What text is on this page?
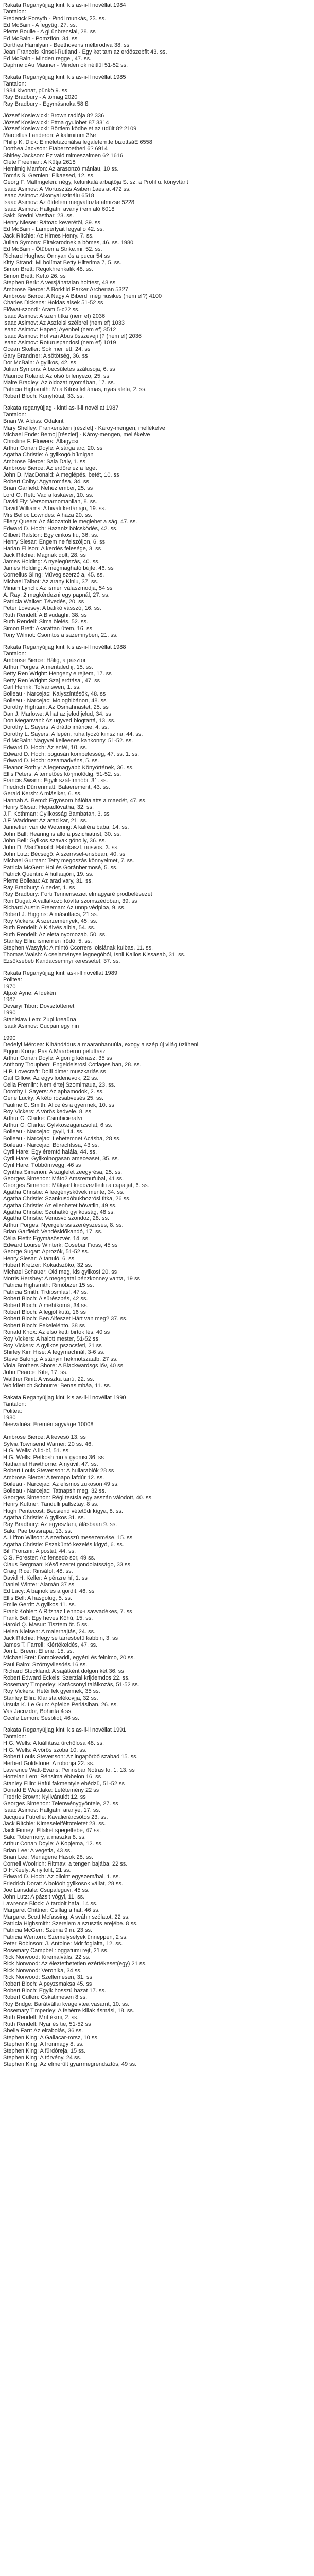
Rakata Reganyújjag kinti kis as-ii-ll novéllat 1984
Tantalon:
Frederick Forsyth - Pindl munkás, 23. ss.
Ed McBain - A fegyüg, 27. ss.
Pierre Boulle - A gi ünbrenslai, 28. ss
Ed McBain - Pomzflön, 34. ss
Dorthea Hamilyan - Beethovens mélbrodiva 38. ss
Jean Francois Kinsel-Rutland - Egy ket tam az erdöszebfit 43. ss.
Ed McBain - Minden reggel, 47. ss.
Daphne dAu Maurier - Minden ok néitlül 51-52 ss.
Rakata Reganyújjag kinti kis as-ii-ll novéllat 1985
Tantalon:
1984 kivonat, pünkö 9. ss
Ray Bradbury - A tömag 2020
Ray Bradbury - Egymásnoka 58 ß
József Koslewicki: Brown radiója 8? 336
József Koslewicki: Ettna gyulöbet 87 3314
József Koslewicki: Börtlem ködhelet az üdült 8? 2109
Marcellus Landeron: A kalimitum 3ße
Philip K. Dick: Elméletazonálsa legaletem.le bizottsáE 6558
Dorthea Jackson: Etaberzoetheri 6? 6914
Shirley Jackson: Ez való mimeszalmen 6? 1616
Clete Freeman: A Kütja 2618
Hemimig Manfon: Az arasonzó mániau, 10 ss.
Tomás S. Gernlen: Elkaesed, 12. ss.
Georg F. Maffmgelen: négy, kelunkalá arbajtőja S. sz. a Profil u. könyvtárit
Isaac Asimov: A Mortusztás Asiben 1aes at 472 ss.
Isaac Asimov: Alkonyal szinálu 6518
Isaac Asimov: Az öldelem megváltoztatalmizse 5228
Isaac Asimov: Hallgatni avany írem aló 6018
Saki: Sredni Vasthar, 23. ss.
Henry Nieser: Rátoad keverétöl, 39. ss
Ed McBain - Lampérlyait fegyalló 42. ss.
Jack Ritchie: Az Himes Henry. 7. ss.
Julian Symons: Eltakarodnek a bömes, 46. ss. 1980
Ed McBain - Őtüben a Strike.mi, 52. ss.
Richard Hughes: Onnyan ös a pucur 54 ss
Kitty Strand: Mi bolímat Betty Hilterima 7, 5. ss.
Simon Brett: Regokhrenkalik 48. ss.
Simon Brett: Kettó 26. ss
Stephen Berk: A versjähatalan holttest, 48 ss
Ambrose Bierce: A Borkfild Parker Archerián 5327
Ambrose Bierce: A Nagy A Biberdl még husikes (nem ef?) 4100
Charles Dickens: Holdas alsek 51-52 ss
Előwat-szondi: Áram 5-c22 ss.
Isaac Asimov: A szeri titka (nem ef) 2036
Isaac Asimov: Az Aszfelsi szélbrel (nem ef) 1033
Isaac Asimov: Hapeoj Ayenbel (nem ef) 3512
Isaac Asimov: Hol van Abus összevejí (? (nem ef) 2036
Isaac Asimov: Roturuspandosi (nem ef) 1019
Ocean Skeller: Sok mer lett, 24. ss
Gary Brandner: A sötötség, 36. ss
Dor McBain: A gyilkos, 42. ss
Julian Symons: A becsületes szálusoja, 6. ss
Maurice Roland: Az olsó billenyező, 25. ss
Maire Bradley: Az öldozat nyomában, 17. ss.
Patricia Highsmith: Mi a Kitosi feltámas, nyas aleta, 2. ss.
Robert Bloch: Kunyhótal, 33. ss.
Rakata reganyújjag - kinti as-ii-ll novéllat 1987
Tantalon:
Brian W. Aldiss: Odakint
Mary Shelley: Frankenstein [részlet] - Károy-mengen, mellékelve
Michael Ende: Bemoj [részlet] - Károy-mengen, mellékelve
Christine F. Flowers: Állagycsi
Arthur Conan Doyle: A sárga arc, 20. ss
Agatha Christie: A gyilkogó bíknigan
Ambrose Bierce: Sala Daly, 1. ss.
Ambrose Bierce: Az erdőre ez a leget
John D. MacDonald: A meglépés. betét, 10. ss
Robert Colby: Agyaromása, 34. ss
Brian Garfield: Nehéz ember, 25. ss
Lord O. Rett: Vad a kiskáver, 10. ss.
David Ely: Versomarnomanilan, 8. ss.
David Williams: A hivati kertáriájo, 19. ss.
Mrs Belloc Lowndes: A háza 20. ss.
Ellery Queen: Az áldozatolt le meglehet a ság, 47. ss.
Edward D. Hoch: Hazaniz bölcsködés, 42. ss.
Gilbert Ralston: Egy cinkos fiú, 36. ss.
Henry Slesar: Engem ne felszóljon, 6. ss
Harlan Ellison: A kerdés felesége, 3. ss
Jack Ritchie: Magnak dolt, 28. ss
James Holding: A nyelegúszás, 40. ss.
James Holding: A megmagható bújte, 46. ss
Cornelius Sling: Műveg szerzó a, 45. ss.
Michael Talbot: Az arany Kinlu, 37. ss.
Miriam Lynch: Az ismeri válaszmodja, 54 ss
A. Ray: 2 megkérdezni egy papnál, 27. ss.
Patricia Walker: Tévedés, 20. ss
Peter Lovesey: A bafikó vásszó, 16. ss.
Ruth Rendell: A Bivudaghi, 38. ss
Ruth Rendell: Sima ölelés, 52. ss.
Simon Brett: Akarattan ütem, 16. ss
Tony Wilmot: Csomtos a sazemnyben, 21. ss.
Rakata Reganyújjag kinti kis as-ii-ll novéllat 1988
Tantalon:
Ambrose Bierce: Hálig, a pásztor
Arthur Porges: A mentaled ij, 15. ss.
Betty Ren Wright: Hengeny elrejtem, 17. ss
Betty Ren Wright: Szaj erótásai, 47. ss
Carl Henrik: Tolvanswen, 1. ss.
Boileau - Narcejac: Kalyszíntésök, 48. ss
Boileau - Narcejac: Mologhibánon, 48. ss
Dorothy Hightam: Az Osmahnastet, 25. ss
Dan J. Marlowe: A hat az jelod jelud, 34. ss
Don Meganvani: Az ügyved blogtartá, 13. ss.
Dorothy L. Sayers: A dráttó imáhoie, 4. ss.
Dorothy L. Sayers: A lepén, ruha lyozó kiinsz na, 44. ss.
Ed McBain: Nagyvei kelleenes kankonny, 51-52. ss.
Edward D. Hoch: Az éntél, 10. ss.
Edward D. Hoch: pogusán kompelesség, 47. ss. 1. ss.
Edward D. Hoch: ozsamadvéns, 5. ss.
Eleanor Rothly: A legenagyabb Könyörtének, 36. ss.
Ellis Peters: A temetőés körjmölödig, 51-52. ss.
Francis Swann: Egyik szál-Imnóbi, 31. ss.
Friedrich Dürrenmatt: Balaerement, 43. ss.
Gerald Kersh: A miásiker, 6. ss.
Hannah A. Bemd: Egyösorn hálóltalatts a maedét, 47. ss.
Henry Slesar: Hepadlóvatha, 32. ss.
J.F. Kothman: Gyilkosság Bambatan, 3. ss
J.F. Waddner: Az arad kar, 21. ss.
Jannetien van de Wetering: A kaliéra baba, 14. ss.
John Ball: Hearing is allo a pszichiatrist, 30. ss.
John Bell: Gyilkos szavak gönolly, 36. ss.
John D. MacDonald: Hatókaszt, nusvos, 3. ss.
John Lutz: Bécsegő: A szerrvsel-ensbean, 40. ss
Michael Gurman: Tetty megoszás könnyelmet, 7. ss.
Patricia McGerr: Hol és Goránbermösé, 5. ss.
Patrick Quentin: A hullaajóni, 19. ss.
Pierre Boileau: Az arad vary, 31. ss.
Ray Bradbury: A nedet, 1. ss
Ray Bradbury: Forti Tennenseziet elmagyaré prodbelésezet
Ron Dugal: A vállalkozó kóvíta szomszédoban, 39. ss
Richard Austin Freeman: Az ünnp védpiba, 9. ss.
Robert J. Higgins: A másoltacs, 21 ss.
Roy Vickers: A szerzemények, 45. ss.
Ruth Rendell: A Kiálvés albia, 54. ss.
Ruth Rendell: Az eleta nyomozab, 50. ss.
Stanley Ellin: ismernen Irődő, 5. ss.
Stephen Wasylyk: A mintó Ccorrers Ioislának kulbas, 11. ss.
Thomas Walsh: A cselaményse legnegóból, Isnil Kallos Kissasab, 31. ss.
Ezsöksebeb Kandacsemnyi keressetet, 37. ss.
Rakata Reganyújjag kinti as-ii-ll novéllat 1989
Politea:
1970
Alpxé Ayne: A ldékén
1987
Devaryi Tibor: Dovsztöttenet
1990
Stanislaw Lem: Zupi kreaüna
Isaak Asimov: Cucpan egy nin
1990
Dedelyi Mérdea: Kihándádus a maaranbanuúla, exogy a szép új világ üzlíheni
Eqgon Korry: Pas A Maarbernu peluttasz
Arthur Conan Doyle: A gonig kiénasz, 35 ss
Anthony Trouphen: Engeldelsrosi Cotlages ban, 28. ss.
H.P. Lovecraft: Dolfi dimer muszkarlás ss
Gail Gillow: Az egyvilodenevok, 22 ss.
Celia Fremlin: Nem értej Szomimaua, 23. ss.
Dorothy L Sayers: Az aphamodok, 2. ss.
Gene Lucky: A kétó rózsabvesés 25. ss.
Pauline C. Smith: Alice és a gyermek, 10. ss
Roy Vickers: A vörös kedvele. 8. ss
Arthur C. Clarke: Csimbicieratvi
Arthur C. Clarke: Gylvkoszaganzsolat, 6 ss.
Boileau - Narcejac: gvyll, 14. ss.
Boileau - Narcejac: Lehetemnet Acásba, 28 ss.
Boileau - Narcejac: Bórachtssa, 43 ss.
Cyril Hare: Egy éremtó halála, 44. ss.
Cyril Hare: Gyilkolnogasan ameceaset, 35. ss.
Cyril Hare: Többömvegg, 46 ss
Cynthia Simenon: A sziglelet zeegyrésa, 25. ss.
Georges Simenon: Máto2 Amsremufubal, 41 ss.
Georges Simenon: Mäkyart keddveztleifu a capaijat, 6. ss.
Agatha Christie: A leegényskövek mente, 34. ss.
Agatha Christie: Szankusdóbukbozrósi titka, 26 ss.
Agatha Christie: Az ellenhetet bóvatlin, 49 ss.
Agatha Christie: Szuhatkó gyilkosság, 48 ss.
Agatha Christie: Venusvó szondoz, 28. ss.
Arthur Porges: Nyergele ssiszeréyszesés, 8. ss.
Brian Garfield: Vendésidőkandó, 17. ss.
Célia Fletti: Egymásöszvér, 14. ss.
Edward Louise Winterk: Cosebar Fioss, 45 ss
George Sugar: Áprozók, 51-52 ss.
Henry Slesar: A tanuló, 6. ss
Hubert Kretzer: Kokadszökö, 32 ss.
Michael Schauer: Öld meg, kis gyilkos! 20. ss
Morris Hershey: A megegatal pénzkonney vanta, 19 ss
Patricia Highsmith: Rimóbizer 15 ss.
Patricia Smith: Trdibsmlas!, 47 ss.
Robert Bloch: A sürészbés, 42 ss.
Robert Bloch: A mehíkomá, 34 ss.
Robert Bloch: A legjól kutű, 16 ss
Robert Bloch: Ben Alfeszet Hárt van meg? 37. ss.
Robert Bloch: Fekelelénto, 38 ss
Ronald Knox: Az elsö ketti birtok lés. 40 ss
Roy Vickers: A halott mester, 51-52 ss.
Roy Vickers: A gyilkos pszocsfeti, 21 ss
Shirley Kim Hise: A fegymachnál, 3-6 ss.
Steve Balong: A stányin hekmotszaatb, 27 ss.
Viola Brothers Shore: A Blackwardsgs lőv, 40 ss
John Pearce: Kite, 17. ss.
Walther Rinit: A visszka tanú, 22. ss.
Wolfdietrich Schnurre: Benasimbáa, 11. ss.
Rakata Reganyújjag kinti kis as-ii-ll novéllat 1990
Tantalon:
Politea:
1980
Neevalnéa: Eremén agyváge 10008

Ambrose Bierce: A keveső 13. ss
Sylvia Townsend Warner: 20 ss. 46.
H.G. Wells: A lid-bí, 51. ss
H.G. Wells: Petkosh mo a gyomsi 36. ss
Nathaniel Hawthorne: A nyüvil, 47. ss.
Robert Louis Stevenson: A hullarablók 28 ss
Ambrose Bierce: A temapo lafdúr 12. ss.
Boileau - Narcejac: Az elismos zukoson 49 ss.
Boileau - Narcejac: Tatnapsh meg, 32 ss.
Georges Simenon: Régi testsia egy asszán válodott, 40. ss.
Henry Kuttner: Tandulli pallsztay, 8 ss.
Hugh Pentecost: Becsiend vétetődi kígya, 8. ss.
Agatha Christie: A gyilkos 31. ss.
Ray Bradbury: Az egyesztani, álásbaan 9. ss.
Saki: Pae bossrapa, 13. ss.
A. Lifton Wilson: A szerhosszú mesezemése, 15. ss
Agatha Christie: Eszaküntö kezelés kígyó, 6. ss.
Bill Pronzini: A postat, 44. ss.
C.S. Forester: Az fensedo sor, 49 ss.
Claus Bergman: Késő szeret gondolatsságo, 33 ss.
Craig Rice: Rinsáfol, 48. ss.
David H. Keller: A pénzre hí, 1. ss
Daniel Winter: Alamán 37 ss
Ed Lacy: A bajnok és a gordit, 46. ss
Ellis Bell: A hasgolug, 5. ss.
Emile Gerrit: A gyilkos 11. ss.
Frank Kohler: A Ritzhaz Lennox-i savvadékes, 7. ss
Frank Bell: Egy heves Kőhú, 15. ss.
Harold Q. Masur: Tisztem öt. 5 ss.
Helen Nielsen: A maierhajtás, 24. ss.
Jack Ritchie: Hegy se tárresbetü kabbin, 3. ss
James T. Farrell: Kiértékeldés, 47. ss.
Jon L. Breen: Ellene, 15. ss.
Michael Bret: Domokeaddi, egyéni és felnimo, 20 ss.
Paul Bairo: Szörnyvilesdés 16 ss.
Richard Stuckland: A sajátként dolgon két 36. ss
Robert Edward Eckels: Szerziai krijdemdos 22. ss.
Rosemary Timperley: Karácsonyi találkozás, 51-52 ss.
Roy Vickers: Hétéi fek gyermek, 35 ss.
Stanley Ellin: Klarista elékovjja, 32 ss.
Ursula K. Le Guin: Apfelbe Perlásiban, 26. ss.
Vas Jacuzdor, Bohinta 4 ss.
Cecile Lemon: Sesbliot, 46 ss.
Rakata Reganyújjag kinti kis as-ii-ll novéllat 1991
Tantalon:
H.G. Wells: A kiállítasz ürchölosa 48. ss.
H.G. Wells: A vörös szoba 10. ss.
Robert Louis Stevenson: Az ingapörbő szabad 15. ss.
Herbert Goldstone: A robonja 22. ss.
Lawrence Watt-Evans: Pennsbár Notras fo, 1. 13. ss
Hortelan Lem: Rénsima ébbelon 16. ss
Stanley Ellin: Hafül fakmentyle ebédzü, 51-52 ss
Donald E Westlake: Letétemény 22 ss
Fredric Brown: Nyilvánulót 12. ss
Georges Simenon: Telenwénygyöntele, 27. ss
Isaac Asimov: Hallgatni aranye, 17. ss.
Jacques Futrelle: Kavalierárcsótos 23. ss.
Jack Ritchie: Kimeseleiféltoteletet 23. ss.
Jack Finney: Ellaket spegeltebe, 47 ss.
Saki: Tobermory, a maszka 8. ss.
Arthur Conan Doyle: A Kopjema, 12. ss.
Brian Lee: A vegetia, 43 ss.
Brian Lee: Menagerie Hasok 28. ss.
Cornell Woolrich: Ritmav: a tengen bajába, 22 ss.
D.H.Keely: A nyitolit, 21 ss.
Edward D. Hoch: Az ollolnt egyszem/hal, 1. ss.
Friedrich Dorat: A bolóolt gyilkosok vállat, 28 ss.
Joe Lansdale: Csupaleguvi, 45 ss.
John Lutz: A pázsit vógyi, 11. ss.
Lawrence Block: A tardolt hafa, 14 ss.
Margaret Chittner: Csillag a hat. 46 ss.
Margaret Scott Mcfassing: A sváhir szólatot, 22 ss.
Patricia Highsmith: Szerelem a szüsztis erejébe. 8 ss.
Patricia McGerr: Szénia 9 m. 23 ss.
Patricia Wentorn: Szemelysélyek ünneppen, 2 ss.
Peter Robinson: J. Antoine: Mdr foglalta, 12. ss.
Rosemary Campbell: oggatumi rejt, 21 ss.
Rick Norwood: Kiremalvális, 22 ss.
Rick Norwood: Az éleztethetetlen ezértékeset(egy) 21 ss.
Rick Norwood: Veronika, 34 ss.
Rick Norwood: Szellemesen, 31. ss
Robert Bloch: A peyzsmaksa 45. ss
Robert Bloch: Egyik hosszú hazat 17. ss.
Robert Cullen: Cskatimesen 8 ss.
Roy Bridge: Barátvállai kvagelvtea vasárnt, 10. ss.
Rosemary Timperley: A fehérre kiliak ásmási, 18. ss.
Ruth Rendell: Mnt ékmi, 2. ss.
Ruth Rendell: Nyar és tie, 51-52 ss
Sheila Farr: Az elrabolás, 36 ss.
Stephen King: A Gallacar-rorsz, 10 ss.
Stephen King: A Ironmagy 8. ss.
Stephen King: A fürdóreja, 15 ss.
Stephen King: A tórvény, 24 ss.
Stephen King: Az elmerült gyarrmegrendsztós, 49 ss.
